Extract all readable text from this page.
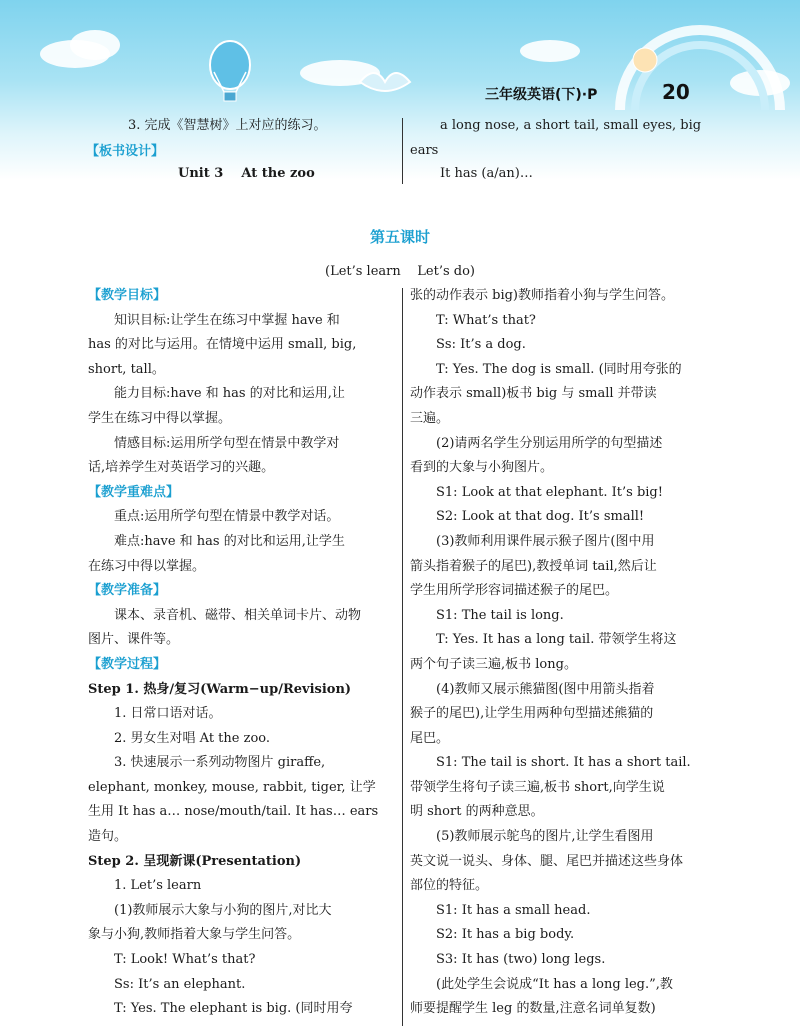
三年级英语(下)·P	20
3. 完成《智慧树》上对应的练习。
【板书设计】
Unit 3    At the zoo
a long nose, a short tail, small eyes, big
ears
It has (a/an)…
第五课时
(Let’s learn    Let’s do)

【教学目标】

知识目标:让学生在练习中掌握 have 和

has 的对比与运用。在情境中运用 small, big,

short, tall。

能力目标:have 和 has 的对比和运用,让

学生在练习中得以掌握。

情感目标:运用所学句型在情景中教学对

话,培养学生对英语学习的兴趣。

【教学重难点】

重点:运用所学句型在情景中教学对话。

难点:have 和 has 的对比和运用,让学生

在练习中得以掌握。

【教学准备】

课本、录音机、磁带、相关单词卡片、动物

图片、课件等。

【教学过程】

Step 1. 热身/复习(Warm−up/Revision)

1. 日常口语对话。

2. 男女生对唱 At the zoo.

3. 快速展示一系列动物图片 giraffe,

elephant, monkey, mouse, rabbit, tiger, 让学

生用 It has a… nose/mouth/tail. It has… ears

造句。

Step 2. 呈现新课(Presentation)

1. Let’s learn

(1)教师展示大象与小狗的图片,对比大

象与小狗,教师指着大象与学生问答。

T: Look! What’s that?

Ss: It’s an elephant.

T: Yes. The elephant is big. (同时用夸

张的动作表示 big)教师指着小狗与学生问答。

T: What’s that?

Ss: It’s a dog.

T: Yes. The dog is small. (同时用夸张的

动作表示 small)板书 big 与 small 并带读

三遍。

(2)请两名学生分别运用所学的句型描述

看到的大象与小狗图片。

S1: Look at that elephant. It’s big!

S2: Look at that dog. It’s small!

(3)教师利用课件展示猴子图片(图中用

箭头指着猴子的尾巴),教授单词 tail,然后让

学生用所学形容词描述猴子的尾巴。

S1: The tail is long.

T: Yes. It has a long tail. 带领学生将这

两个句子读三遍,板书 long。

(4)教师又展示熊猫图(图中用箭头指着

猴子的尾巴),让学生用两种句型描述熊猫的

尾巴。

S1: The tail is short. It has a short tail.

带领学生将句子读三遍,板书 short,向学生说

明 short 的两种意思。

(5)教师展示鸵鸟的图片,让学生看图用

英文说一说头、身体、腿、尾巴并描述这些身体

部位的特征。

S1: It has a small head.

S2: It has a big body.

S3: It has (two) long legs.

(此处学生会说成“It has a long leg.”,教

师要提醒学生 leg 的数量,注意名词单复数)
